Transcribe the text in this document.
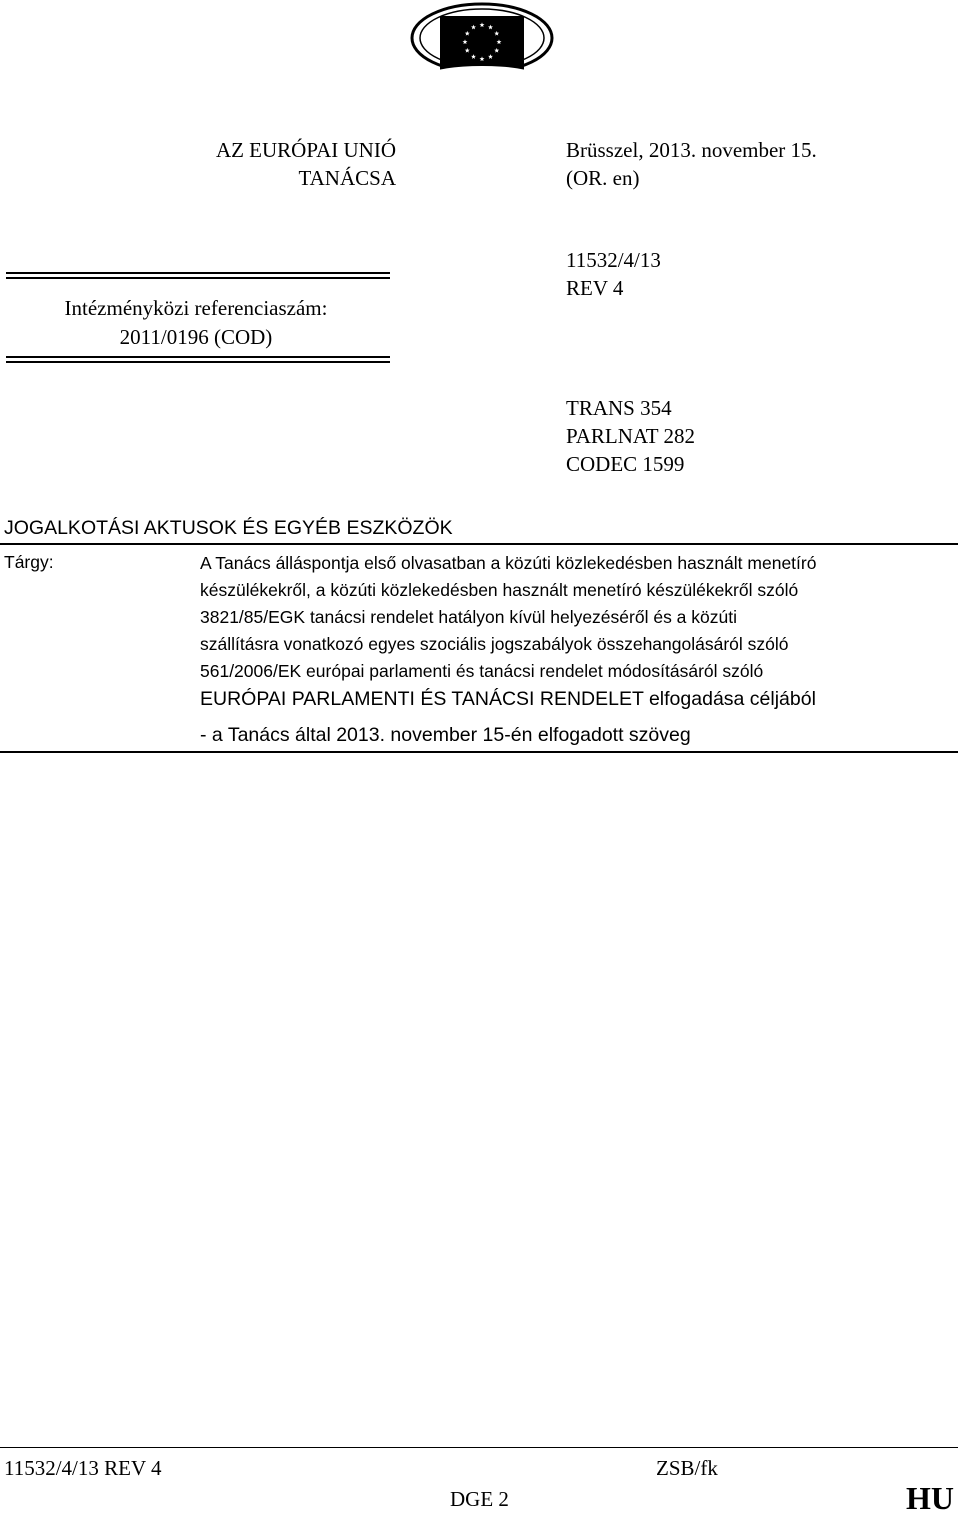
AZ EURÓPAI UNIÓ
TANÁCSA
Brüsszel, 2013. november 15.
(OR. en)
Intézményközi referenciaszám:
2011/0196 (COD)
11532/4/13
REV 4
TRANS 354
PARLNAT 282
CODEC 1599
JOGALKOTÁSI AKTUSOK ÉS EGYÉB ESZKÖZÖK
Tárgy:	A Tanács álláspontja első olvasatban a közúti közlekedésben használt menetíró
készülékekről, a közúti közlekedésben használt menetíró készülékekről szóló
3821/85/EGK tanácsi rendelet hatályon kívül helyezéséről és a közúti
szállításra vonatkozó egyes szociális jogszabályok összehangolásáról szóló
561/2006/EK európai parlamenti és tanácsi rendelet módosításáról szóló
EURÓPAI PARLAMENTI ÉS TANÁCSI RENDELET elfogadása céljából
- a Tanács által 2013. november 15-én elfogadott szöveg
11532/4/13 REV 4	ZSB/fk
DGE 2	HU
